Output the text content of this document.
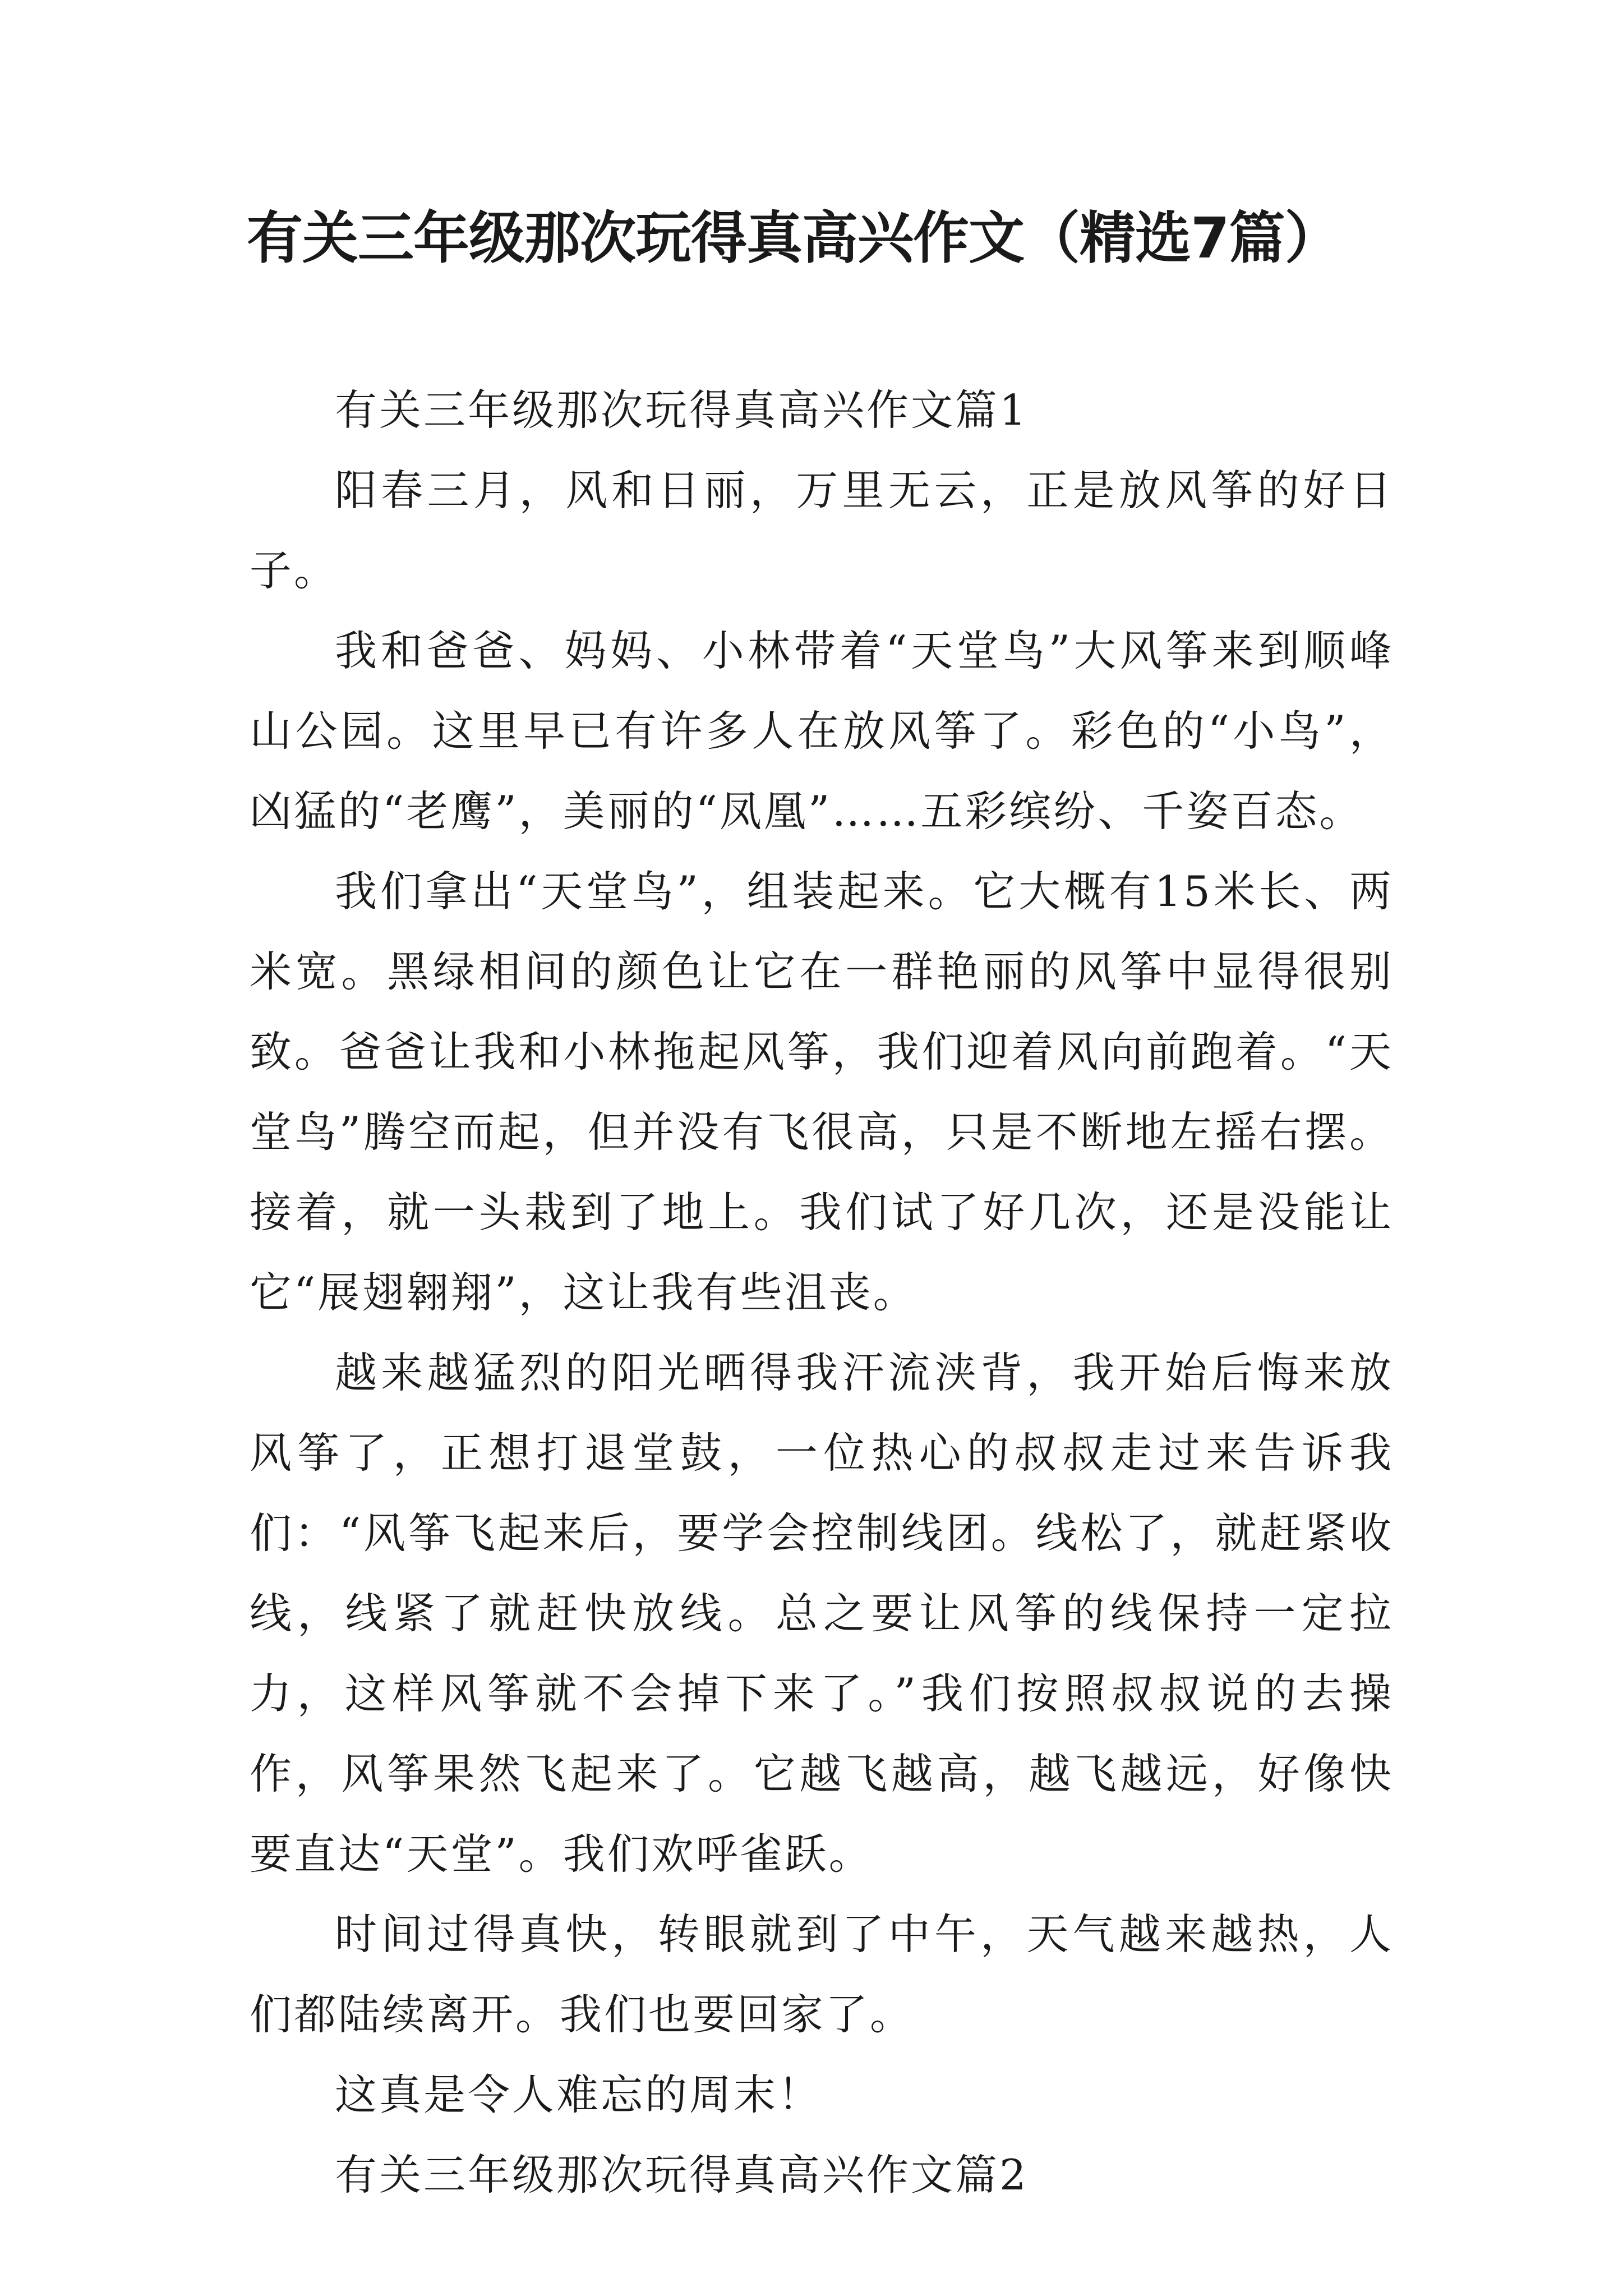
有关三年级那次玩得真高兴作文（精选7篇）

有关三年级那次玩得真高兴作文篇1

阳春三月，风和日丽，万里无云，正是放风筝的好日子。

我和爸爸、妈妈、小林带着“天堂鸟”大风筝来到顺峰山公园。这里早已有许多人在放风筝了。彩色的“小鸟”，凶猛的“老鹰”，美丽的“凤凰”……五彩缤纷、千姿百态。

我们拿出“天堂鸟”，组装起来。它大概有15米长、两米宽。黑绿相间的颜色让它在一群艳丽的风筝中显得很别致。爸爸让我和小林拖起风筝，我们迎着风向前跑着。“天堂鸟”腾空而起，但并没有飞很高，只是不断地左摇右摆。接着，就一头栽到了地上。我们试了好几次，还是没能让它“展翅翱翔”，这让我有些沮丧。

越来越猛烈的阳光晒得我汗流浃背，我开始后悔来放风筝了，正想打退堂鼓，一位热心的叔叔走过来告诉我们：“风筝飞起来后，要学会控制线团。线松了，就赶紧收线，线紧了就赶快放线。总之要让风筝的线保持一定拉力，这样风筝就不会掉下来了。”我们按照叔叔说的去操作，风筝果然飞起来了。它越飞越高，越飞越远，好像快要直达“天堂”。我们欢呼雀跃。

时间过得真快，转眼就到了中午，天气越来越热，人们都陆续离开。我们也要回家了。

这真是令人难忘的周末！

有关三年级那次玩得真高兴作文篇2
